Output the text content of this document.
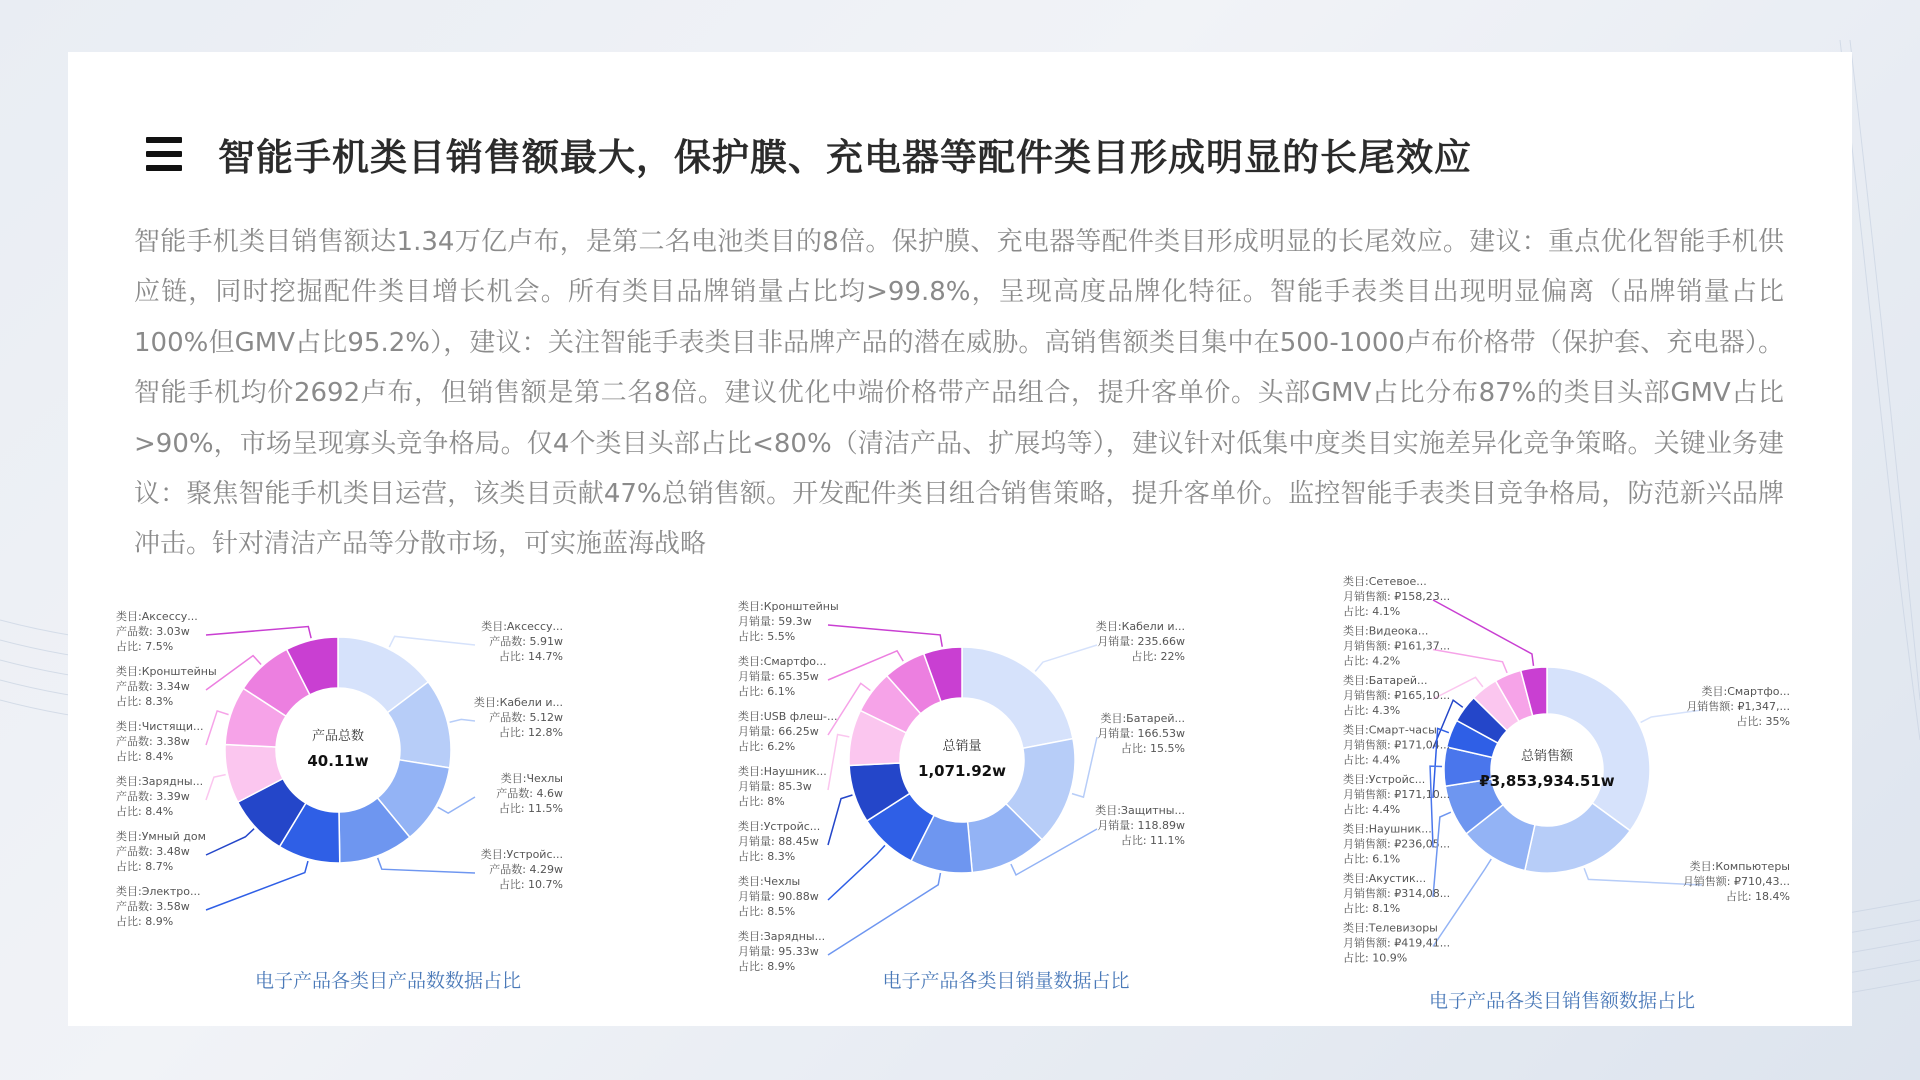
智能手机类目销售额最大，保护膜、充电器等配件类目形成明显的长尾效应
智能手机类目销售额达1.34万亿卢布，是第二名电池类目的8倍。保护膜、充电器等配件类目形成明显的长尾效应。建议：重点优化智能手机供应链，同时挖掘配件类目增长机会。所有类目品牌销量占比均>99.8%，呈现高度品牌化特征。智能手表类目出现明显偏离（品牌销量占比100%但GMV占比95.2%），建议：关注智能手表类目非品牌产品的潜在威胁。高销售额类目集中在500-1000卢布价格带（保护套、充电器）。智能手机均价2692卢布，但销售额是第二名8倍。建议优化中端价格带产品组合，提升客单价。头部GMV占比分布87%的类目头部GMV占比>90%，市场呈现寡头竞争格局。仅4个类目头部占比<80%（清洁产品、扩展坞等），建议针对低集中度类目实施差异化竞争策略。关键业务建议：聚焦智能手机类目运营，该类目贡献47%总销售额。开发配件类目组合销售策略，提升客单价。监控智能手表类目竞争格局，防范新兴品牌冲击。针对清洁产品等分散市场，可实施蓝海战略
产品总数
40.11w
类目:Аксессу...
产品数: 5.91w
占比: 14.7%
类目:Кабели и...
产品数: 5.12w
占比: 12.8%
类目:Чехлы
产品数: 4.6w
占比: 11.5%
类目:Устройс...
产品数: 4.29w
占比: 10.7%
类目:Аксессу...
产品数: 3.03w
占比: 7.5%
类目:Кронштейны
产品数: 3.34w
占比: 8.3%
类目:Чистящи...
产品数: 3.38w
占比: 8.4%
类目:Зарядны...
产品数: 3.39w
占比: 8.4%
类目:Умный дом
产品数: 3.48w
占比: 8.7%
类目:Электро...
产品数: 3.58w
占比: 8.9%
电子产品各类目产品数数据占比
总销量
1,071.92w
类目:Кабели и...
月销量: 235.66w
占比: 22%
类目:Батарей...
月销量: 166.53w
占比: 15.5%
类目:Защитны...
月销量: 118.89w
占比: 11.1%
类目:Кронштейны
月销量: 59.3w
占比: 5.5%
类目:Смартфо...
月销量: 65.35w
占比: 6.1%
类目:USB флеш-...
月销量: 66.25w
占比: 6.2%
类目:Наушник...
月销量: 85.3w
占比: 8%
类目:Устройс...
月销量: 88.45w
占比: 8.3%
类目:Чехлы
月销量: 90.88w
占比: 8.5%
类目:Зарядны...
月销量: 95.33w
占比: 8.9%
电子产品各类目销量数据占比
总销售额
₽3,853,934.51w
类目:Смартфо...
月销售额: ₽1,347,...
占比: 35%
类目:Компьютеры
月销售额: ₽710,43...
占比: 18.4%
类目:Сетевое...
月销售额: ₽158,23...
占比: 4.1%
类目:Видеока...
月销售额: ₽161,37...
占比: 4.2%
类目:Батарей...
月销售额: ₽165,10...
占比: 4.3%
类目:Смарт-часы
月销售额: ₽171,04...
占比: 4.4%
类目:Устройс...
月销售额: ₽171,10...
占比: 4.4%
类目:Наушник...
月销售额: ₽236,05...
占比: 6.1%
类目:Акустик...
月销售额: ₽314,08...
占比: 8.1%
类目:Телевизоры
月销售额: ₽419,41...
占比: 10.9%
电子产品各类目销售额数据占比
